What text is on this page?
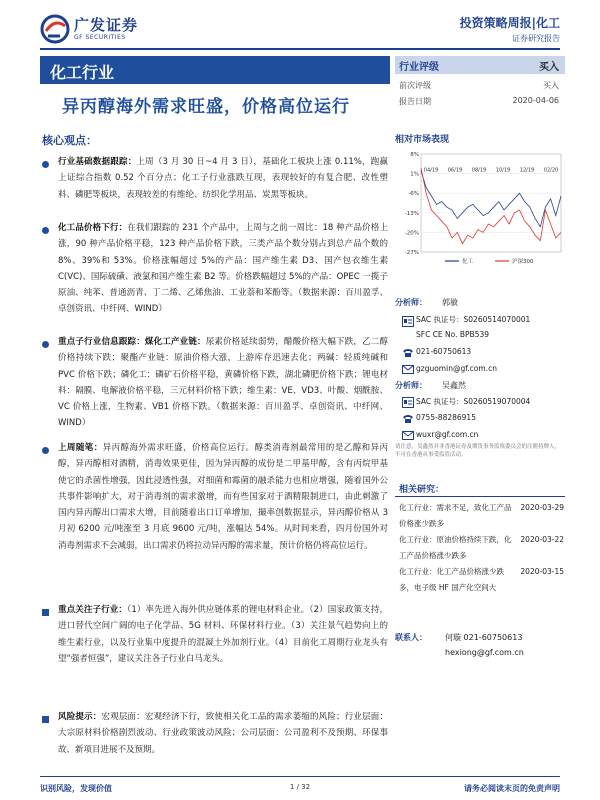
广发证券
GF SECURITIES
投资策略周报|化工
证券研究报告
化工行业
异丙醇海外需求旺盛，价格高位运行
行业评级	买入
前次评级	买入
报告日期	2020-04-06
核心观点：
行业基础数据跟踪：上周（3 月 30 日~4 月 3 日），基础化工板块上涨 0.11%，跑赢上证综合指数 0.52 个百分点；化工子行业涨跌互现，表现较好的有复合肥、改性塑料、磷肥等板块，表现较差的有维纶、纺织化学用品、炭黑等板块。
化工品价格下行：在我们跟踪的 231 个产品中，上周与之前一周比：18 种产品价格上涨，90 种产品价格平稳，123 种产品价格下跌，三类产品个数分别占到总产品个数的 8%、39%和 53%。价格涨幅超过 5%的产品：国产维生素 D3、国产包衣维生素 C(VC)、国际硫磺、液氯和国产维生素 B2 等。价格跌幅超过 5%的产品：OPEC 一揽子原油、纯苯、普通沥青、丁二烯、乙烯焦油、工业萘和苯酚等。（数据来源：百川盈孚、卓创资讯、中纤网、WIND）
重点子行业信息跟踪：煤化工产业链：尿素价格延续弱势，醋酸价格大幅下跌，乙二醇价格持续下跌；聚酯产业链：原油价格大涨，上游库存迅速去化；两碱：轻质纯碱和 PVC 价格下跌；磷化工：磷矿石价格平稳，黄磷价格下跌，湖北磷肥价格下跌；锂电材料：隔膜、电解液价格平稳，三元材料价格下跌；维生素：VE、VD3、叶酸、烟酰胺、VC 价格上涨，生物素、VB1 价格下跌。（数据来源：百川盈孚、卓创资讯、中纤网、WIND）
上周随笔：异丙醇海外需求旺盛，价格高位运行。醇类消毒剂最常用的是乙醇和异丙醇，异丙醇相对酒精，消毒效果更佳，因为异丙醇的成份是二甲基甲醇，含有丙烷甲基使它的杀菌性增强，因此浸透性强，对细菌和霉菌的融杀能力也相应增强，随着国外公共事件影响扩大，对于消毒剂的需求激增，而有些国家对于酒精限制进口，由此刺激了国内异丙醇出口需求大增，目前随着出口订单增加，撮率创数据显示，异丙醇价格从 3 月初 6200 元/吨涨至 3 月底 9600 元/吨，涨幅达 54%。从时间来看，四月份国外对消毒剂需求不会减弱，出口需求仍将拉动异丙醇的需求量，预计价格仍将高位运行。
重点关注子行业：（1）率先进入海外供应链体系的锂电材料企业。（2）国家政策支持，进口替代空间广阔的电子化学品、5G 材料、环保材料行业。（3）关注景气趋势向上的维生素行业，以及行业集中度提升的混凝土外加剂行业。（4）目前化工周期行业龙头有望“强者恒强”，建议关注各子行业白马龙头。
风险提示：宏观层面：宏观经济下行，致使相关化工品的需求萎缩的风险；行业层面：大宗原材料价格剧烈波动、行业政策波动风险；公司层面：公司盈利不及预期、环保事故、新项目进展不及预期。
相对市场表现
8%
1%
-6%
-13%
-20%
-27%
04/19 06/19 08/19 10/19 12/19 02/20
化工	沪深300
分析师： 郭敏
SAC 执证号：S0260514070001
SFC CE No. BPB539
021-60750613
gzguomin@gf.com.cn
分析师： 吴鑫然
SAC 执证号：S0260519070004
0755-88286915
wuxr@gf.com.cn
请注意，吴鑫然并非香港证券及期货事务监察委员会的注册持牌人，不可在香港从事受监管活动。
相关研究：
化工行业：需求不足，致化工产品价格涨少跌多
2020-03-29
化工行业：原油价格持续下跌，化工产品价格涨少跌多
2020-03-22
化工行业：化工产品价格涨少跌多，电子级 HF 国产化空间大
2020-03-15
联系人： 何璇 021-60750613
hexiong@gf.com.cn
识别风险，发现价值	1 / 32	请务必阅读末页的免责声明
